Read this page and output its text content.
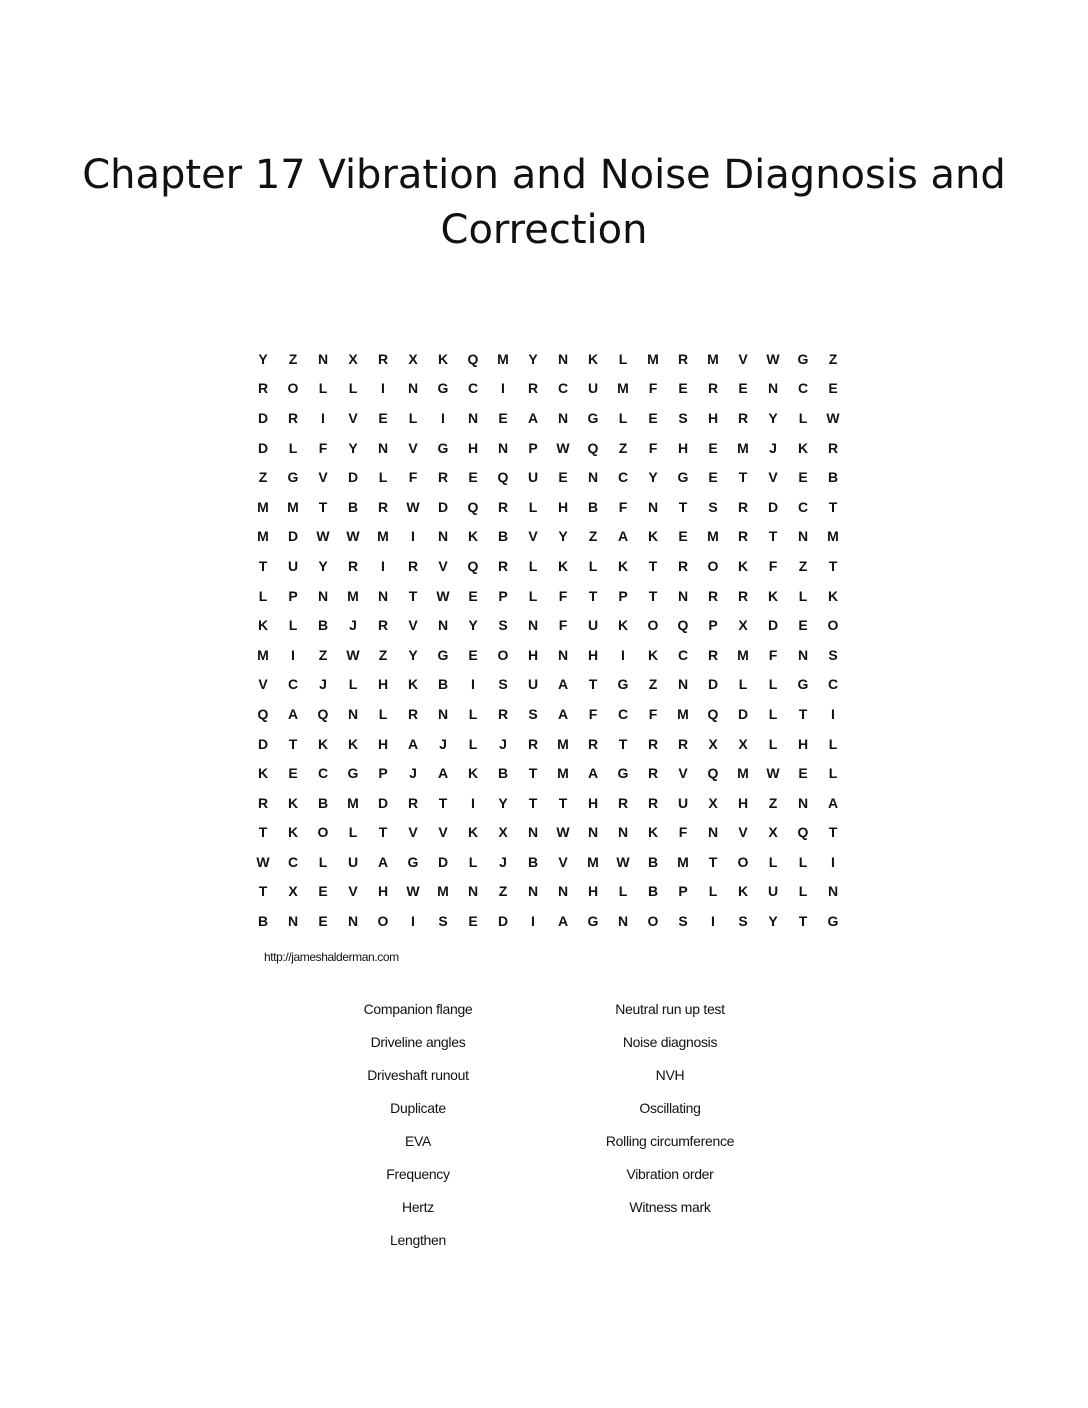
Chapter 17 Vibration and Noise Diagnosis and Correction
Y	Z	N	X	R	X	K	Q	M	Y	N	K	L	M	R	M	V	W	G	Z
R	O	L	L	I	N	G	C	I	R	C	U	M	F	E	R	E	N	C	E
D	R	I	V	E	L	I	N	E	A	N	G	L	E	S	H	R	Y	L	W
D	L	F	Y	N	V	G	H	N	P	W	Q	Z	F	H	E	M	J	K	R
Z	G	V	D	L	F	R	E	Q	U	E	N	C	Y	G	E	T	V	E	B
M	M	T	B	R	W	D	Q	R	L	H	B	F	N	T	S	R	D	C	T
M	D	W	W	M	I	N	K	B	V	Y	Z	A	K	E	M	R	T	N	M
T	U	Y	R	I	R	V	Q	R	L	K	L	K	T	R	O	K	F	Z	T
L	P	N	M	N	T	W	E	P	L	F	T	P	T	N	R	R	K	L	K
K	L	B	J	R	V	N	Y	S	N	F	U	K	O	Q	P	X	D	E	O
M	I	Z	W	Z	Y	G	E	O	H	N	H	I	K	C	R	M	F	N	S
V	C	J	L	H	K	B	I	S	U	A	T	G	Z	N	D	L	L	G	C
Q	A	Q	N	L	R	N	L	R	S	A	F	C	F	M	Q	D	L	T	I
D	T	K	K	H	A	J	L	J	R	M	R	T	R	R	X	X	L	H	L
K	E	C	G	P	J	A	K	B	T	M	A	G	R	V	Q	M	W	E	L
R	K	B	M	D	R	T	I	Y	T	T	H	R	R	U	X	H	Z	N	A
T	K	O	L	T	V	V	K	X	N	W	N	N	K	F	N	V	X	Q	T
W	C	L	U	A	G	D	L	J	B	V	M	W	B	M	T	O	L	L	I
T	X	E	V	H	W	M	N	Z	N	N	H	L	B	P	L	K	U	L	N
B	N	E	N	O	I	S	E	D	I	A	G	N	O	S	I	S	Y	T	G
http://jameshalderman.com
Companion flange
Driveline angles
Driveshaft runout
Duplicate
EVA
Frequency
Hertz
Lengthen
Neutral run up test
Noise diagnosis
NVH
Oscillating
Rolling circumference
Vibration order
Witness mark
